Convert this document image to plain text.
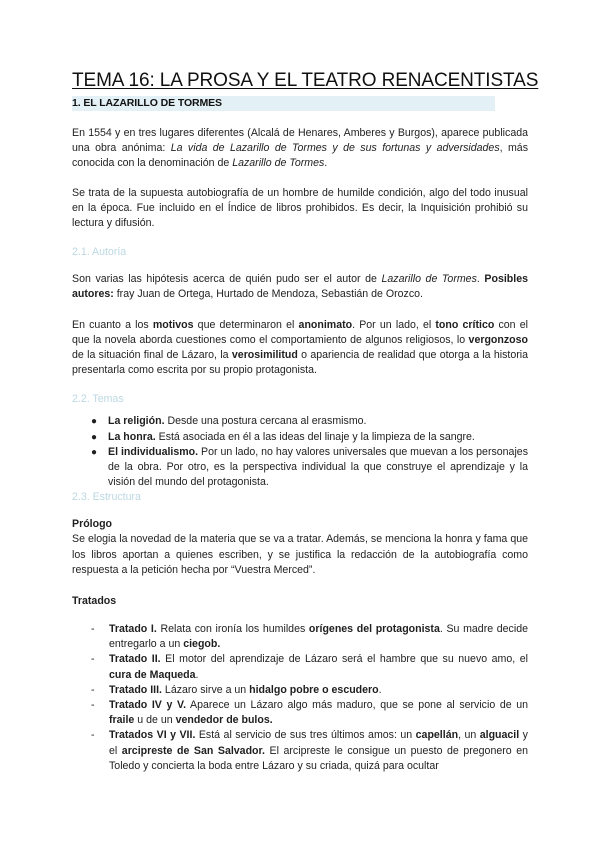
TEMA 16: LA PROSA Y EL TEATRO RENACENTISTAS
1. EL LAZARILLO DE TORMES

En 1554 y en tres lugares diferentes (Alcalá de Henares, Amberes y Burgos), aparece publicada una obra anónima: La vida de Lazarillo de Tormes y de sus fortunas y adversidades, más conocida con la denominación de Lazarillo de Tormes.

Se trata de la supuesta autobiografía de un hombre de humilde condición, algo del todo inusual en la época. Fue incluido en el Índice de libros prohibidos. Es decir, la Inquisición prohibió su lectura y difusión.

2.1. Autoría

Son varias las hipótesis acerca de quién pudo ser el autor de Lazarillo de Tormes. Posibles autores: fray Juan de Ortega, Hurtado de Mendoza, Sebastián de Orozco.

En cuanto a los motivos que determinaron el anonimato. Por un lado, el tono crítico con el que la novela aborda cuestiones como el comportamiento de algunos religiosos, lo vergonzoso de la situación final de Lázaro, la verosimilitud o apariencia de realidad que otorga a la historia presentarla como escrita por su propio protagonista.

2.2. Temas
● La religión. Desde una postura cercana al erasmismo.
● La honra. Está asociada en él a las ideas del linaje y la limpieza de la sangre.
● El individualismo. Por un lado, no hay valores universales que muevan a los personajes de la obra. Por otro, es la perspectiva individual la que construye el aprendizaje y la visión del mundo del protagonista.
2.3. Estructura
Prólogo

Se elogia la novedad de la materia que se va a tratar. Además, se menciona la honra y fama que los libros aportan a quienes escriben, y se justifica la redacción de la autobiografía como respuesta a la petición hecha por “Vuestra Merced”.

Tratados
- Tratado I. Relata con ironía los humildes orígenes del protagonista. Su madre decide entregarlo a un ciegob.
- Tratado II. El motor del aprendizaje de Lázaro será el hambre que su nuevo amo, el cura de Maqueda.
- Tratado III. Lázaro sirve a un hidalgo pobre o escudero.
- Tratado IV y V. Aparece un Lázaro algo más maduro, que se pone al servicio de un fraile u de un vendedor de bulos.
- Tratados VI y VII. Está al servicio de sus tres últimos amos: un capellán, un alguacil y el arcipreste de San Salvador. El arcipreste le consigue un puesto de pregonero en Toledo y concierta la boda entre Lázaro y su criada, quizá para ocultar
